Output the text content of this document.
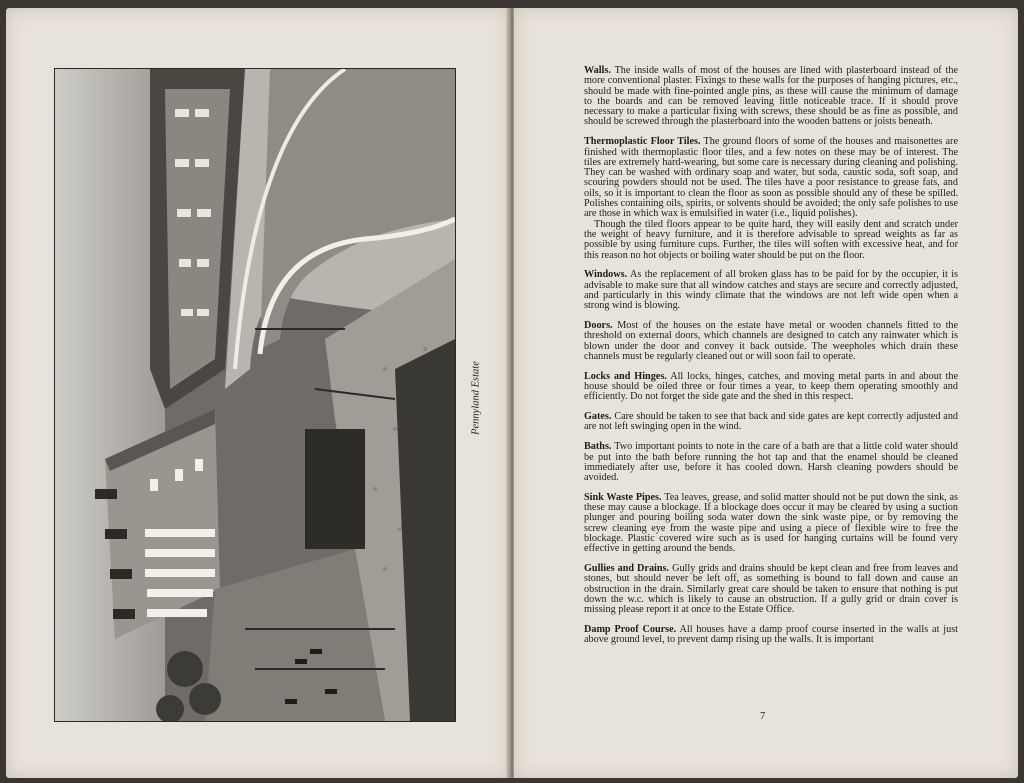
Pennyland Estate

Walls. The inside walls of most of the houses are lined with plasterboard instead of the more conventional plaster. Fixings to these walls for the purposes of hanging pictures, etc., should be made with fine-pointed angle pins, as these will cause the minimum of damage to the boards and can be removed leaving little noticeable trace. If it should prove necessary to make a particular fixing with screws, these should be as fine as possible, and should be screwed through the plasterboard into the wooden battens or joists beneath.

Thermoplastic Floor Tiles. The ground floors of some of the houses and maisonettes are finished with thermoplastic floor tiles, and a few notes on these may be of interest. The tiles are extremely hard-wearing, but some care is necessary during cleaning and polishing. They can be washed with ordinary soap and water, but soda, caustic soda, soft soap, and scouring powders should not be used. The tiles have a poor resistance to grease fats, and oils, so it is important to clean the floor as soon as possible should any of these be spilled. Polishes containing oils, spirits, or solvents should be avoided; the only safe polishes to use are those in which wax is emulsified in water (i.e., liquid polishes).

Though the tiled floors appear to be quite hard, they will easily dent and scratch under the weight of heavy furniture, and it is therefore advisable to spread weights as far as possible by using furniture cups. Further, the tiles will soften with excessive heat, and for this reason no hot objects or boiling water should be put on the floor.

Windows. As the replacement of all broken glass has to be paid for by the occupier, it is advisable to make sure that all window catches and stays are secure and correctly adjusted, and particularly in this windy climate that the windows are not left wide open when a strong wind is blowing.

Doors. Most of the houses on the estate have metal or wooden channels fitted to the threshold on external doors, which channels are designed to catch any rainwater which is blown under the door and convey it back outside. The weepholes which drain these channels must be regularly cleaned out or will soon fail to operate.

Locks and Hinges. All locks, hinges, catches, and moving metal parts in and about the house should be oiled three or four times a year, to keep them operating smoothly and efficiently. Do not forget the side gate and the shed in this respect.

Gates. Care should be taken to see that back and side gates are kept correctly adjusted and are not left swinging open in the wind.

Baths. Two important points to note in the care of a bath are that a little cold water should be put into the bath before running the hot tap and that the enamel should be cleaned immediately after use, before it has cooled down. Harsh cleaning powders should be avoided.

Sink Waste Pipes. Tea leaves, grease, and solid matter should not be put down the sink, as these may cause a blockage. If a blockage does occur it may be cleared by using a suction plunger and pouring boiling soda water down the sink waste pipe, or by removing the screw cleaning eye from the waste pipe and using a piece of flexible wire to free the blockage. Plastic covered wire such as is used for hanging curtains will be found very effective in getting around the bends.

Gullies and Drains. Gully grids and drains should be kept clean and free from leaves and stones, but should never be left off, as something is bound to fall down and cause an obstruction in the drain. Similarly great care should be taken to ensure that nothing is put down the w.c. which is likely to cause an obstruction. If a gully grid or drain cover is missing please report it at once to the Estate Office.

Damp Proof Course. All houses have a damp proof course inserted in the walls at just above ground level, to prevent damp rising up the walls. It is important

7
